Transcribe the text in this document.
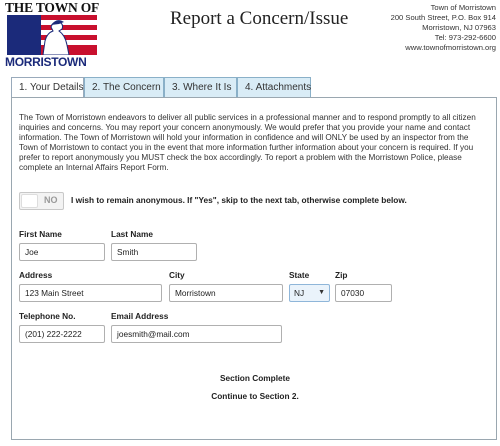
THE TOWN OF
MORRISTOWN
Report a Concern/Issue
Town of Morristown
200 South Street, P.O. Box 914
Morristown, NJ 07963
Tel: 973-292-6600
www.townofmorristown.org
1. Your Details 2. The Concern	3. Where It Is	4. Attachments
The Town of Morristown endeavors to deliver all public services in a professional manner and to respond promptly to all citizen inquiries and concerns. You may report your concern anonymously. We would prefer that you provide your name and contact information. The Town of Morristown will hold your information in confidence and will ONLY be used by an inspector from the Town of Morristown to contact you in the event that more information further information about your concern is required. If you prefer to report anonymously you MUST check the box accordingly. To report a problem with the Morristown Police, please complete an Internal Affairs Report Form.
NO I wish to remain anonymous. If "Yes", skip to the next tab, otherwise complete below.
First Name
Joe
Last Name
Smith
Address
123 Main Street
City
Morristown
State
NJ ▼
Zip
07030
Telephone No.
(201) 222-2222
Email Address
joesmith@mail.com
Section Complete
Continue to Section 2.
